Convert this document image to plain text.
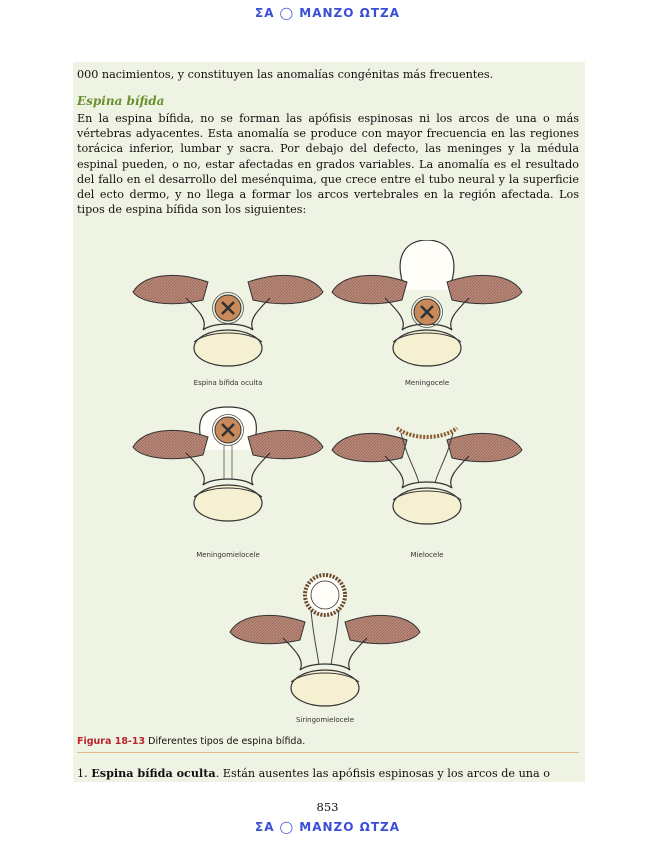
ΣΑ ◯ ΜΑΝΖΟ ΩΤΖΑ
000 nacimientos, y constituyen las anomalías congénitas más frecuentes.
Espina bífida
En la espina bífida, no se forman las apófisis espinosas ni los arcos de una o más vértebras adyacentes. Esta anomalía se produce con mayor frecuencia en las regiones torácica inferior, lumbar y sacra. Por debajo del defecto, las meninges y la médula espinal pueden, o no, estar afectadas en grados variables. La anomalía es el resultado del fallo en el desarrollo del mesénquima, que crece entre el tubo neural y la superficie del ecto dermo, y no llega a formar los arcos vertebrales en la región afectada. Los tipos de espina bífida son los siguientes:
Espina bífida oculta	Meningocele
Meningomielocele	Mielocele
Siringomielocele
Figura 18-13 Diferentes tipos de espina bífida.
1. Espina bífida oculta. Están ausentes las apófisis espinosas y los arcos de una o
853
ΣΑ ◯ ΜΑΝΖΟ ΩΤΖΑ
